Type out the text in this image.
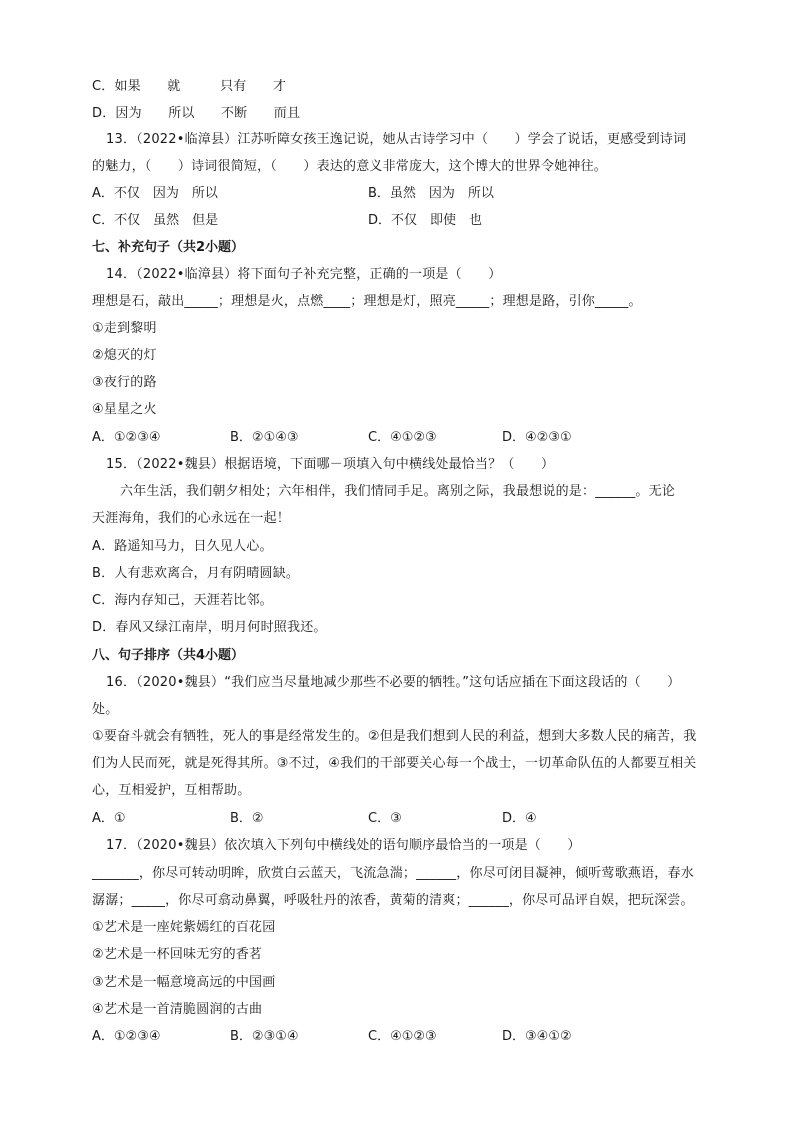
C．如果　　就　　　只有　　才
D．因为　　所以　　不断　　而且
13．（2022•临漳县）江苏听障女孩王逸记说，她从古诗学习中（　　）学会了说话，更感受到诗词
的魅力，（　　）诗词很简短，（　　）表达的意义非常庞大，这个博大的世界令她神往。
A．不仅　因为　所以	B．虽然　因为　所以
C．不仅　虽然　但是	D．不仅　即使　也
七、补充句子（共2小题）
14．（2022•临漳县）将下面句子补充完整，正确的一项是（　　）
理想是石，敲出_____；理想是火，点燃____；理想是灯，照亮_____；理想是路，引你_____。
①走到黎明
②熄灭的灯
③夜行的路
④星星之火
A．①②③④	B．②①④③	C．④①②③	D．④②③①
15．（2022•魏县）根据语境，下面哪－项填入句中横线处最恰当？（　　）
六年生活，我们朝夕相处；六年相伴，我们情同手足。离别之际，我最想说的是：______。无论
天涯海角，我们的心永远在一起！
A．路遥知马力，日久见人心。
B．人有悲欢离合，月有阴晴圆缺。
C．海内存知己，天涯若比邻。
D．春风又绿江南岸，明月何时照我还。
八、句子排序（共4小题）
16．（2020•魏县）“我们应当尽量地减少那些不必要的牺牲。”这句话应插在下面这段话的（　　）
处。
①要奋斗就会有牺牲，死人的事是经常发生的。②但是我们想到人民的利益，想到大多数人民的痛苦，我
们为人民而死，就是死得其所。③不过，④我们的干部要关心每一个战士，一切革命队伍的人都要互相关
心，互相爱护，互相帮助。
A．①	B．②	C．③	D．④
17．（2020•魏县）依次填入下列句中横线处的语句顺序最恰当的一项是（　　）
_______，你尽可转动明眸，欣赏白云蓝天，飞流急湍；______，你尽可闭目凝神，倾听莺歌燕语，春水
潺潺；_____，你尽可翕动鼻翼，呼吸牡丹的浓香，黄菊的清爽；______，你尽可品评自娱，把玩深尝。
①艺术是一座姹紫嫣红的百花园
②艺术是一杯回味无穷的香茗
③艺术是一幅意境高远的中国画
④艺术是一首清脆圆润的古曲
A．①②③④	B．②③①④	C．④①②③	D．③④①②
